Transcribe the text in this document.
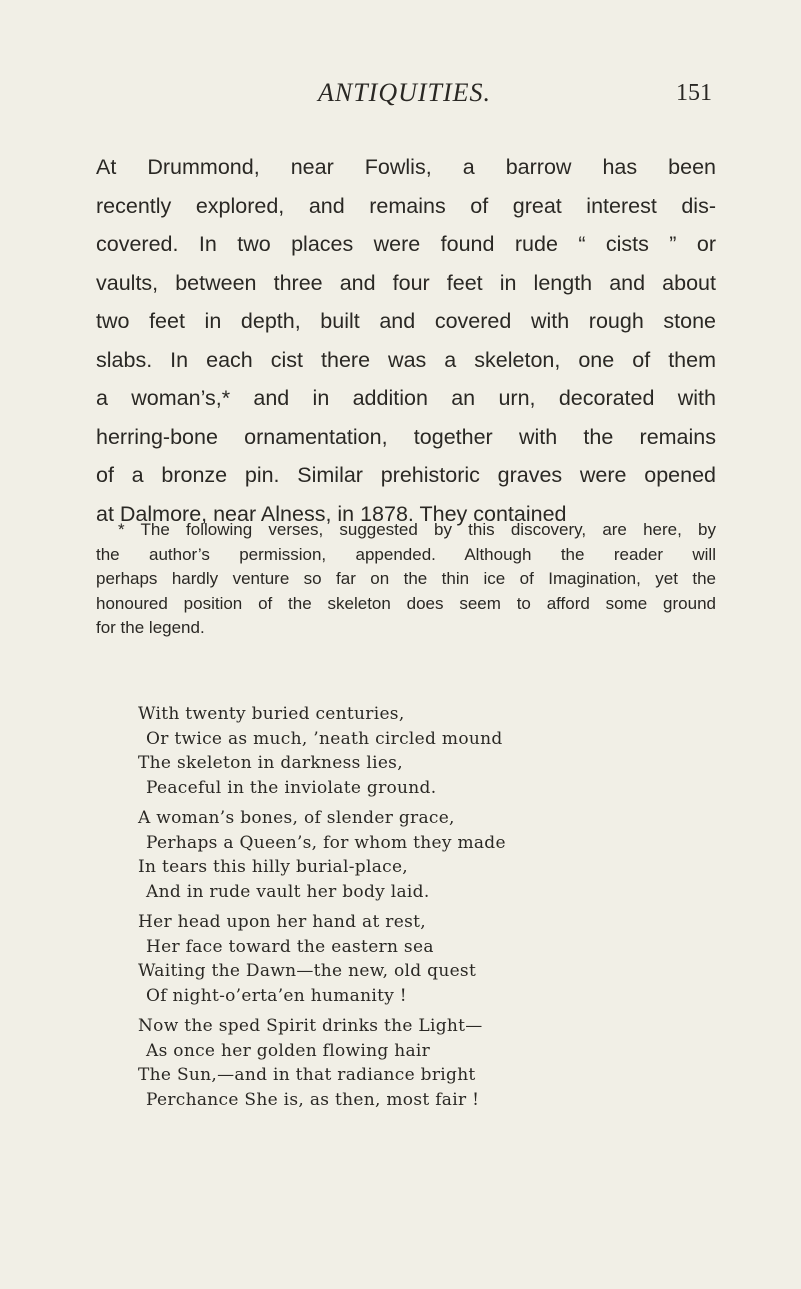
ANTIQUITIES.	151
At Drummond, near Fowlis, a barrow has been
recently explored, and remains of great interest dis-
covered. In two places were found rude “ cists ” or
vaults, between three and four feet in length and about
two feet in depth, built and covered with rough stone
slabs. In each cist there was a skeleton, one of them
a woman’s,* and in addition an urn, decorated with
herring-bone ornamentation, together with the remains
of a bronze pin. Similar prehistoric graves were opened
at Dalmore, near Alness, in 1878. They contained
* The following verses, suggested by this discovery, are here, by
the author’s permission, appended. Although the reader will
perhaps hardly venture so far on the thin ice of Imagination, yet the
honoured position of the skeleton does seem to afford some ground
for the legend.
With twenty buried centuries,
Or twice as much, ’neath circled mound
The skeleton in darkness lies,
Peaceful in the inviolate ground.
A woman’s bones, of slender grace,
Perhaps a Queen’s, for whom they made
In tears this hilly burial-place,
And in rude vault her body laid.
Her head upon her hand at rest,
Her face toward the eastern sea
Waiting the Dawn—the new, old quest
Of night-o’erta’en humanity !
Now the sped Spirit drinks the Light—
As once her golden flowing hair
The Sun,—and in that radiance bright
Perchance She is, as then, most fair !
